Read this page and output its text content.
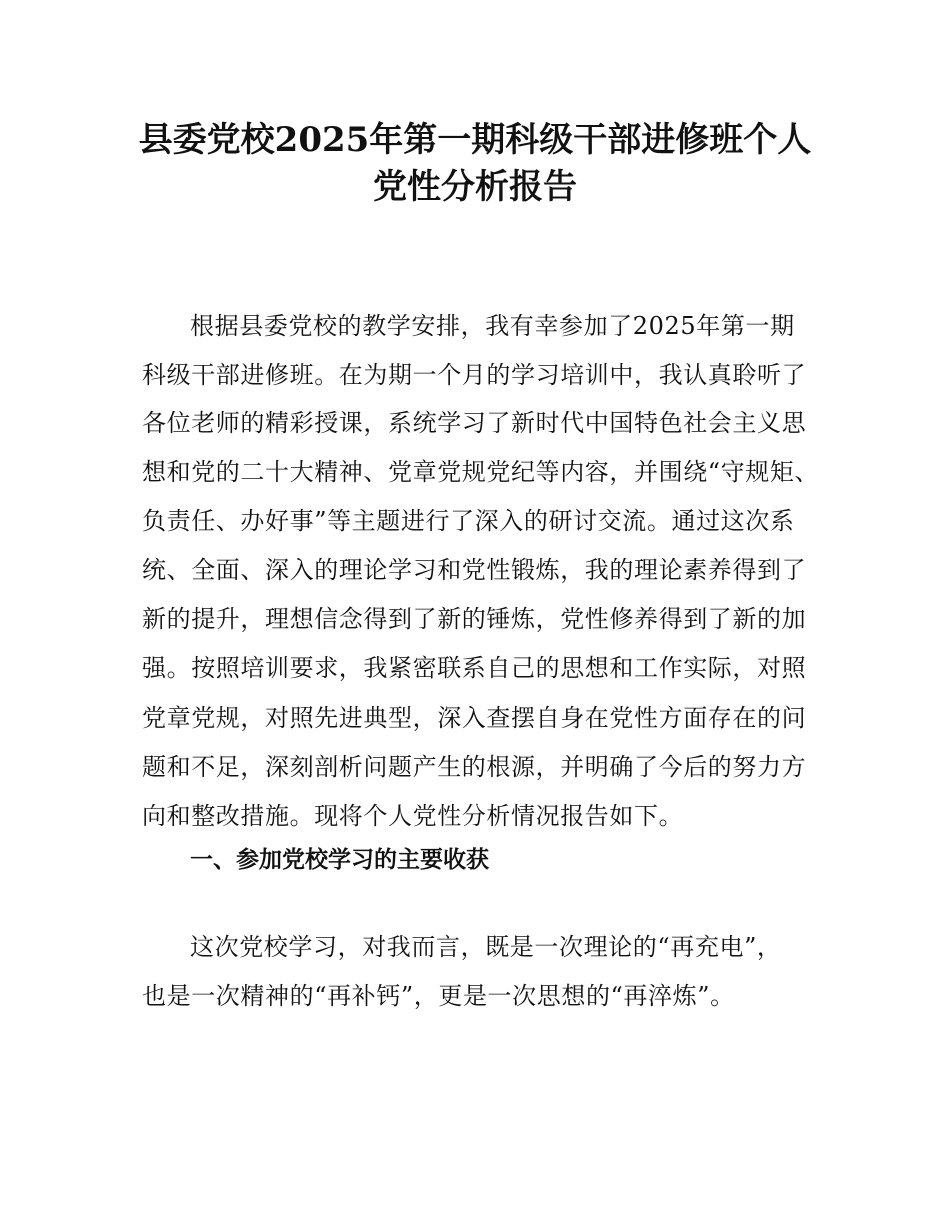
县委党校2025年第一期科级干部进修班个人
党性分析报告
根据县委党校的教学安排，我有幸参加了2025年第一期
科级干部进修班。在为期一个月的学习培训中，我认真聆听了
各位老师的精彩授课，系统学习了新时代中国特色社会主义思
想和党的二十大精神、党章党规党纪等内容，并围绕“守规矩、
负责任、办好事”等主题进行了深入的研讨交流。通过这次系
统、全面、深入的理论学习和党性锻炼，我的理论素养得到了
新的提升，理想信念得到了新的锤炼，党性修养得到了新的加
强。按照培训要求，我紧密联系自己的思想和工作实际，对照
党章党规，对照先进典型，深入查摆自身在党性方面存在的问
题和不足，深刻剖析问题产生的根源，并明确了今后的努力方
向和整改措施。现将个人党性分析情况报告如下。
一、参加党校学习的主要收获
这次党校学习，对我而言，既是一次理论的“再充电”，
也是一次精神的“再补钙”，更是一次思想的“再淬炼”。
